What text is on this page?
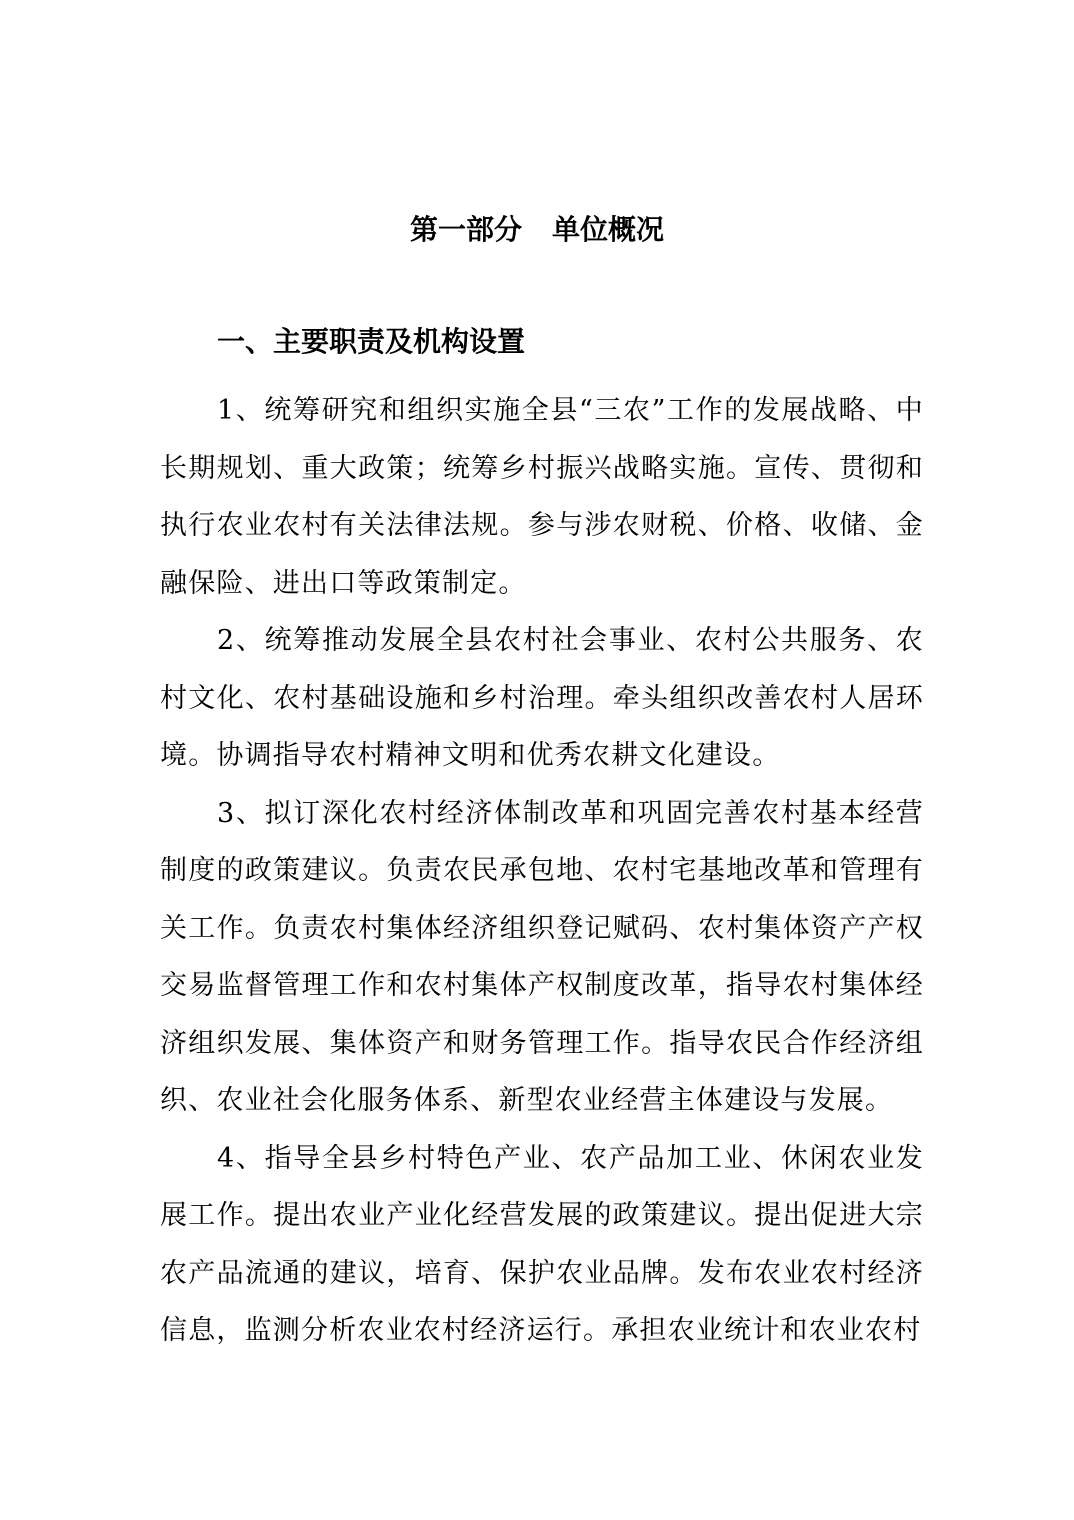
第一部分 单位概况
一、主要职责及机构设置

1、统筹研究和组织实施全县“三农”工作的发展战略、中长期规划、重大政策；统筹乡村振兴战略实施。宣传、贯彻和执行农业农村有关法律法规。参与涉农财税、价格、收储、金融保险、进出口等政策制定。

2、统筹推动发展全县农村社会事业、农村公共服务、农村文化、农村基础设施和乡村治理。牵头组织改善农村人居环境。协调指导农村精神文明和优秀农耕文化建设。

3、拟订深化农村经济体制改革和巩固完善农村基本经营制度的政策建议。负责农民承包地、农村宅基地改革和管理有关工作。负责农村集体经济组织登记赋码、农村集体资产产权交易监督管理工作和农村集体产权制度改革，指导农村集体经济组织发展、集体资产和财务管理工作。指导农民合作经济组织、农业社会化服务体系、新型农业经营主体建设与发展。

4、指导全县乡村特色产业、农产品加工业、休闲农业发展工作。提出农业产业化经营发展的政策建议。提出促进大宗农产品流通的建议，培育、保护农业品牌。发布农业农村经济信息，监测分析农业农村经济运行。承担农业统计和农业农村
